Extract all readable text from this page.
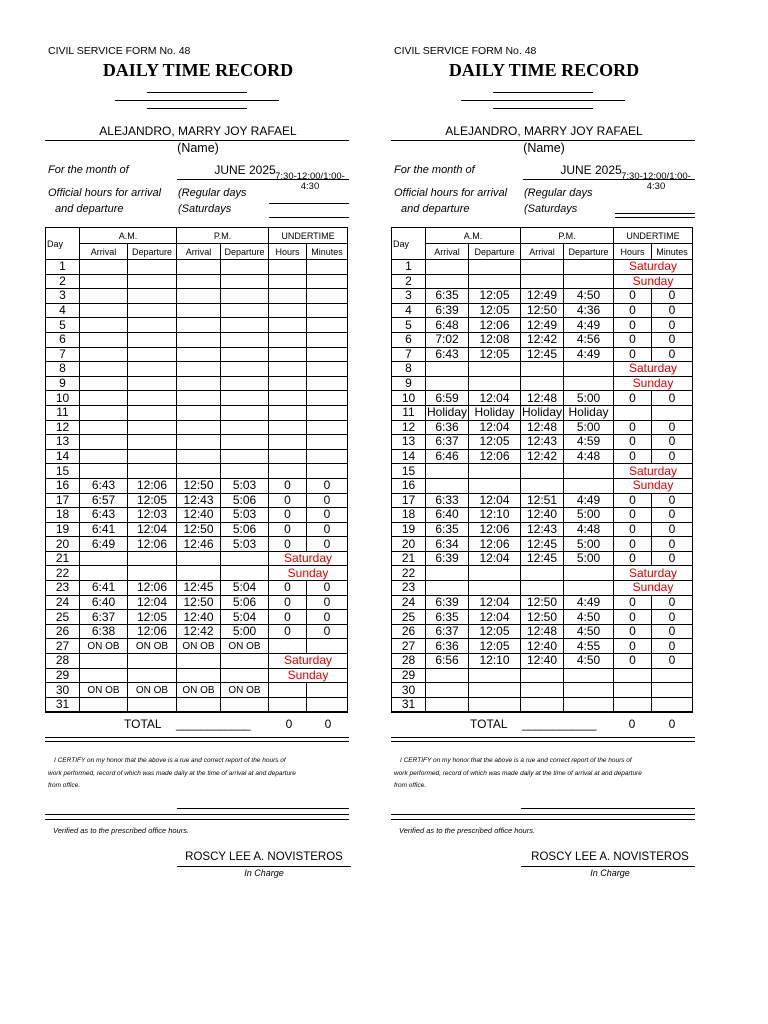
CIVIL SERVICE FORM No. 48
DAILY TIME RECORD
ALEJANDRO, MARRY JOY RAFAEL
(Name)
For the month of	JUNE 2025
Official hours for arrival (Regular days
7:30-12:00/1:00-4:30
and departure	(Saturdays
Day	A.M.		P.M.		UNDERTIME	
	Arrival	Departure	Arrival	Departure	Hours	Minutes
1						
2						
3						
4						
5						
6						
7						
8						
9						
10						
11						
12						
13						
14						
15						
16	6:43	12:06	12:50	5:03	0	0
17	6:57	12:05	12:43	5:06	0	0
18	6:43	12:03	12:40	5:03	0	0
19	6:41	12:04	12:50	5:06	0	0
20	6:49	12:06	12:46	5:03	0	0
21					Saturday	
22					Sunday	
23	6:41	12:06	12:45	5:04	0	0
24	6:40	12:04	12:50	5:06	0	0
25	6:37	12:05	12:40	5:04	0	0
26	6:38	12:06	12:42	5:00	0	0
27	ON OB	ON OB	ON OB	ON OB		
28					Saturday	
29					Sunday	
30	ON OB	ON OB	ON OB	ON OB		
31						
TOTAL ____________	0	0
I CERTIFY on my honor that the above is a rue and correct report of the hours of
work performed, record of which was made daily at the time of arrival at and departure
from office.
Verified as to the prescribed office hours.
ROSCY LEE A. NOVISTEROS
In Charge
CIVIL SERVICE FORM No. 48
DAILY TIME RECORD
ALEJANDRO, MARRY JOY RAFAEL
(Name)
For the month of	JUNE 2025
Official hours for arrival (Regular days
7:30-12:00/1:00-4:30
and departure	(Saturdays
Day	A.M.		P.M.		UNDERTIME	
	Arrival	Departure	Arrival	Departure	Hours	Minutes
1					Saturday	
2					Sunday	
3	6:35	12:05	12:49	4:50	0	0
4	6:39	12:05	12:50	4:36	0	0
5	6:48	12:06	12:49	4:49	0	0
6	7:02	12:08	12:42	4:56	0	0
7	6:43	12:05	12:45	4:49	0	0
8					Saturday	
9					Sunday	
10	6:59	12:04	12:48	5:00	0	0
11	Holiday	Holiday	Holiday	Holiday		
12	6:36	12:04	12:48	5:00	0	0
13	6:37	12:05	12:43	4:59	0	0
14	6:46	12:06	12:42	4:48	0	0
15					Saturday	
16					Sunday	
17	6:33	12:04	12:51	4:49	0	0
18	6:40	12:10	12:40	5:00	0	0
19	6:35	12:06	12:43	4:48	0	0
20	6:34	12:06	12:45	5:00	0	0
21	6:39	12:04	12:45	5:00	0	0
22					Saturday	
23					Sunday	
24	6:39	12:04	12:50	4:49	0	0
25	6:35	12:04	12:50	4:50	0	0
26	6:37	12:05	12:48	4:50	0	0
27	6:36	12:05	12:40	4:55	0	0
28	6:56	12:10	12:40	4:50	0	0
29						
30						
31						
TOTAL ____________	0	0
I CERTIFY on my honor that the above is a rue and correct report of the hours of
work performed, record of which was made daily at the time of arrival at and departure
from office.
Verified as to the prescribed office hours.
ROSCY LEE A. NOVISTEROS
In Charge
